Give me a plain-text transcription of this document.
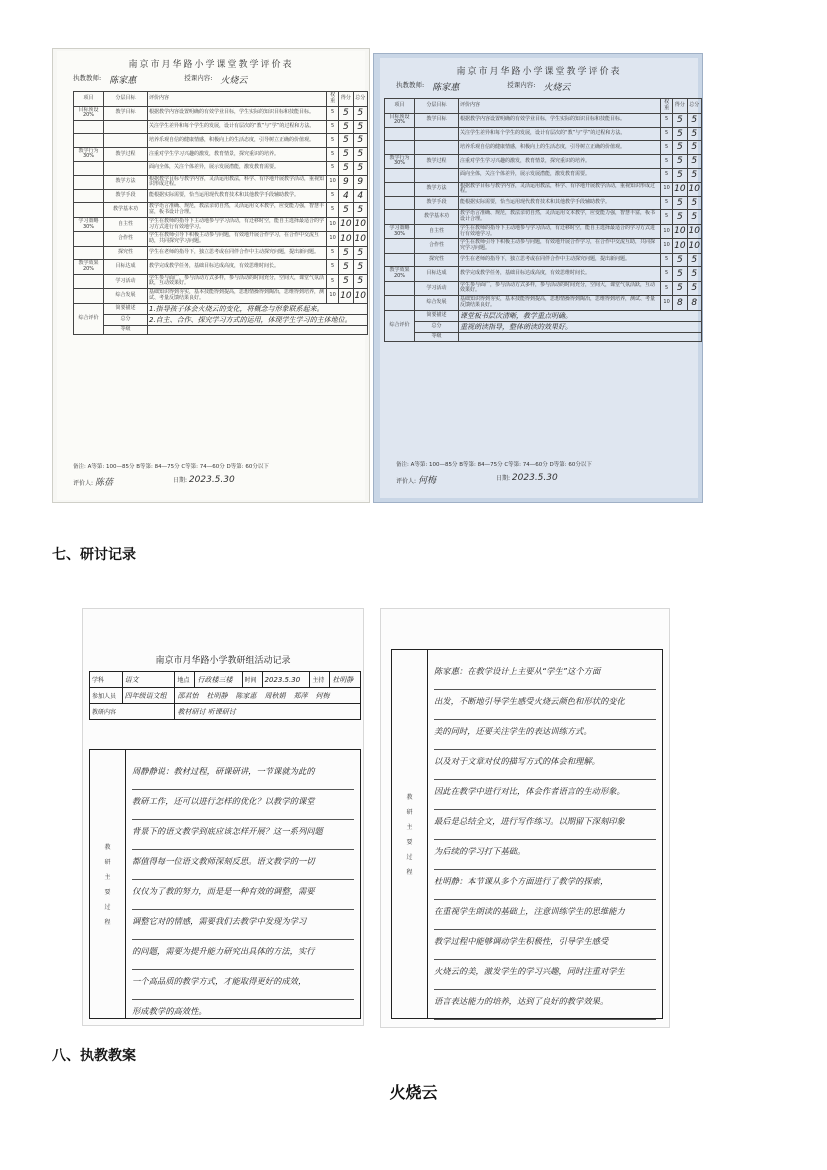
南京市月华路小学课堂教学评价表
执教教师: 陈家惠	授课内容: 火烧云
项目	分层目标	评价内容	权重	得分	总分
目标预设20%	教学目标	根据教学内容设置明确的有效学业目标，学生实际的知识目标和技能目标。	5	5	5
		关注学生差异和每个学生的发展，设计有层次的“教”与“学”的过程和方法。	5	5	5
		培养乐观自信的健康情感，积极向上的生活态度，引导树立正确的价值观。	5	5	5
教学行为30%	教学过程	注重对学生学习兴趣的激发，教育情景，探究重识的培养。	5	5	5
		面向全体，关注个体差异，展示发展潜能，激发教育需要。	5	5	5
	教学方法	根据教学目标与教学内容，灵活运用教法，科学、有序地开展教学活动，重视知识形成过程。	10	9	9
	教学手段	能根据实际需要，恰当运用现代教育技术和其他教学手段辅助教学。	5	4	4
	教学基本功	教学语言准确、规范，教法亲切自然，灵活运用文本教学，应变能力强，智慧丰富，板书设计合理。	5	5	5
学习策略30%	自主性	学生在教师的指导下主动地参与学习活动，有迁移时空，能自主选择最适合的学习方式进行有效地学习。	10	10	10
	合作性	学生在教师引导下积极主动参与问题，有效地开展合作学习，在合作中交流互助，共同探究学习问题。	10	10	10
	探究性	学生在老师的指导下，独立思考或在同伴合作中主动探究问题，提出新问题。	5	5	5
教学效果20%	目标达成	教学完成教学任务，基础目标达成高度，有效思维时间长。	5	5	5
	学习活动	学生参与面广，参与活动方式多样，参与活动的时间充分，空间大，课堂气氛活跃，互动效果好。	5	5	5
	综合发展	基础知识得到夯实，基本技能得到提高，思想情操得到陶冶，思维得到培养，测试、考量反馈结果良好。	10	10	10
综合评价	简要描述	1.指导孩子体会火烧云的变化，将概念与形象联系起来。			
	总分	2.自主、合作、探究学习方式的运用，体现学生学习的主体地位。			
	等级				
备注: A等第: 100—85分 B等第: 84—75分 C等第: 74—60分 D等第: 60分以下
评价人: 陈蓓	日期: 2023.5.30
南京市月华路小学课堂教学评价表
执教教师: 陈家惠	授课内容: 火烧云
项目	分层目标	评价内容	权重	得分	总分
目标预设20%	教学目标	根据教学内容设置明确的有效学业目标，学生实际的知识目标和技能目标。	5	5	5
		关注学生差异和每个学生的发展，设计有层次的“教”与“学”的过程和方法。	5	5	5
		培养乐观自信的健康情感，积极向上的生活态度，引导树立正确的价值观。	5	5	5
教学行为30%	教学过程	注重对学生学习兴趣的激发，教育情景，探究重识的培养。	5	5	5
		面向全体，关注个体差异，展示发展潜能，激发教育需要。	5	5	5
	教学方法	根据教学目标与教学内容，灵活运用教法，科学、有序地开展教学活动，重视知识形成过程。	10	10	10
	教学手段	能根据实际需要，恰当运用现代教育技术和其他教学手段辅助教学。	5	5	5
	教学基本功	教学语言准确、规范，教法亲切自然，灵活运用文本教学，应变能力强，智慧丰富，板书设计合理。	5	5	5
学习策略30%	自主性	学生在教师的指导下主动地参与学习活动，有迁移时空，能自主选择最适合的学习方式进行有效地学习。	10	10	10
	合作性	学生在教师引导下积极主动参与问题，有效地开展合作学习，在合作中交流互助，共同探究学习问题。	10	10	10
	探究性	学生在老师的指导下，独立思考或在同伴合作中主动探究问题，提出新问题。	5	5	5
教学效果20%	目标达成	教学完成教学任务，基础目标达成高度，有效思维时间长。	5	5	5
	学习活动	学生参与面广，参与活动方式多样，参与活动的时间充分，空间大，课堂气氛活跃，互动效果好。	5	5	5
	综合发展	基础知识得到夯实，基本技能得到提高，思想情操得到陶冶，思维得到培养，测试、考量反馈结果良好。	10	8	8
综合评价	简要描述	课堂板书层次清晰，教学重点明确。			
	总分	重视朗读指导，整体朗读的效果好。			
	等级				
备注: A等第: 100—85分 B等第: 84—75分 C等第: 74—60分 D等第: 60分以下
评价人: 何梅	日期: 2023.5.30
七、研讨记录
南京市月华路小学教研组活动记录
学科	语文	地点	行政楼三楼	时间	2023.5.30	主持	杜明静
参加人员	四年级语文组	邵君怡 杜明静 陈家惠 周秋娟 郑萍 何梅					
教研内容		教材研讨 听课研讨					
教
研
主
要
过
程
周静静说：教材过程，研课研讲，一节课就为此的
教研工作，还可以进行怎样的优化？以教学的课堂
背景下的语文教学到底应该怎样开展？这一系列问题
都值得每一位语文教师深刻反思。语文教学的一切
仅仅为了教的努力，而是是一种有效的调整，需要
调整它对的情感，需要我们去教学中发现为学习
的问题，需要为提升能力研究出具体的方法，实行
一个高品质的教学方式，才能取得更好的成效，
形成教学的高效性。
教
研
主
要
过
程
陈家惠：在教学设计上主要从“学生”这个方面
出发，不断地引导学生感受火烧云颜色和形状的变化
美的同时，还要关注学生的表达训练方式。
以及对于文章对仗的描写方式的体会和理解。
因此在教学中进行对比，体会作者语言的生动形象。
最后是总结全文，进行写作练习。以期留下深刻印象
为后续的学习打下基础。
杜明静：本节课从多个方面进行了教学的探索，
在重视学生朗读的基础上，注意训练学生的思维能力
教学过程中能够调动学生积极性，引导学生感受
火烧云的美，激发学生的学习兴趣，同时注重对学生
语言表达能力的培养，达到了良好的教学效果。
八、执教教案
火烧云
